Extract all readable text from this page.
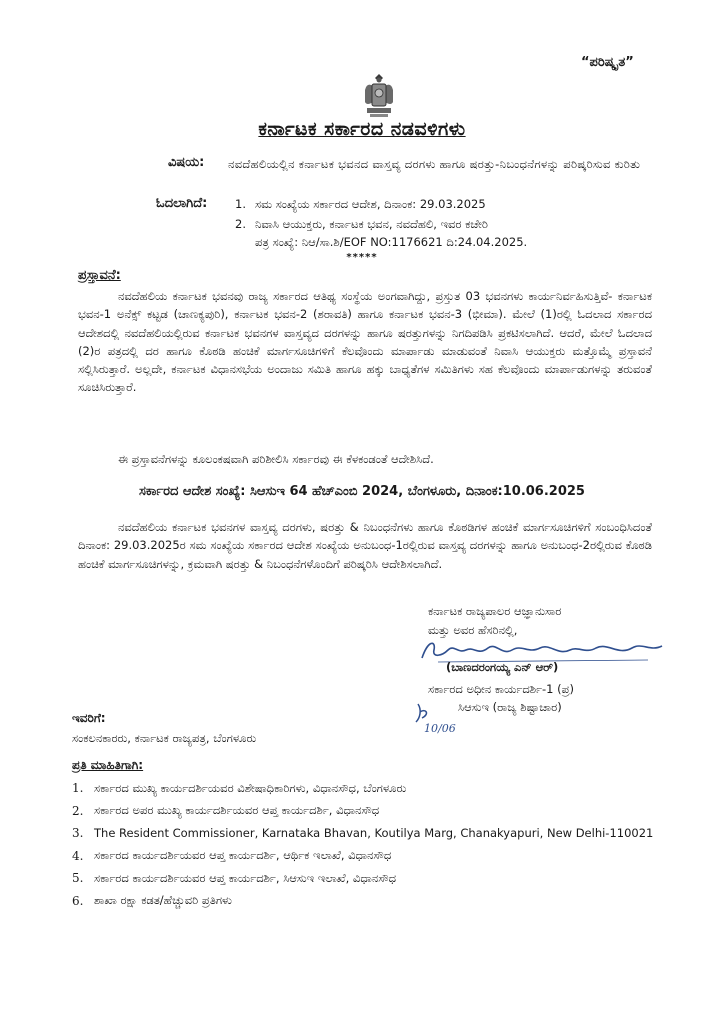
“ಪರಿಷ್ಕೃತ”
ಕರ್ನಾಟಕ ಸರ್ಕಾರದ ನಡವಳಿಗಳು
ವಿಷಯ: ನವದೆಹಲಿಯಲ್ಲಿನ ಕರ್ನಾಟಕ ಭವನದ ವಾಸ್ತವ್ಯ ದರಗಳು ಹಾಗೂ ಷರತ್ತು-ನಿಬಂಧನೆಗಳನ್ನು ಪರಿಷ್ಕರಿಸುವ ಕುರಿತು
ಓದಲಾಗಿದೆ: 1. ಸಮ ಸಂಖ್ಯೆಯ ಸರ್ಕಾರದ ಆದೇಶ, ದಿನಾಂಕ: 29.03.2025
2. ನಿವಾಸಿ ಆಯುಕ್ತರು, ಕರ್ನಾಟಕ ಭವನ, ನವದೆಹಲಿ, ಇವರ ಕಚೇರಿ
ಪತ್ರ ಸಂಖ್ಯೆ: ನಿಆ/ಸಾ.ಶಿ/EOF NO:1176621 ದಿ:24.04.2025.
*****
ಪ್ರಸ್ತಾವನೆ:

ನವದೆಹಲಿಯ ಕರ್ನಾಟಕ ಭವನವು ರಾಜ್ಯ ಸರ್ಕಾರದ ಆತಿಥ್ಯ ಸಂಸ್ಥೆಯ ಅಂಗವಾಗಿದ್ದು, ಪ್ರಸ್ತುತ 03 ಭವನಗಳು ಕಾರ್ಯನಿರ್ವಹಿಸುತ್ತಿವೆ- ಕರ್ನಾಟಕ ಭವನ-1 ಅನೆಕ್ಸ್ ಕಟ್ಟಡ (ಚಾಣಕ್ಯಪುರಿ), ಕರ್ನಾಟಕ ಭವನ-2 (ಶರಾವತಿ) ಹಾಗೂ ಕರ್ನಾಟಕ ಭವನ-3 (ಭೀಮಾ). ಮೇಲೆ (1)ರಲ್ಲಿ ಓದಲಾದ ಸರ್ಕಾರದ ಆದೇಶದಲ್ಲಿ ನವದೆಹಲಿಯಲ್ಲಿರುವ ಕರ್ನಾಟಕ ಭವನಗಳ ವಾಸ್ತವ್ಯದ ದರಗಳನ್ನು ಹಾಗೂ ಷರತ್ತುಗಳನ್ನು ನಿಗದಿಪಡಿಸಿ ಪ್ರಕಟಿಸಲಾಗಿದೆ. ಆದರೆ, ಮೇಲೆ ಓದಲಾದ (2)ರ ಪತ್ರದಲ್ಲಿ ದರ ಹಾಗೂ ಕೊಠಡಿ ಹಂಚಿಕೆ ಮಾರ್ಗಸೂಚಿಗಳಿಗೆ ಕೆಲವೊಂದು ಮಾರ್ಪಾಡು ಮಾಡುವಂತೆ ನಿವಾಸಿ ಆಯುಕ್ತರು ಮತ್ತೊಮ್ಮೆ ಪ್ರಸ್ತಾವನೆ ಸಲ್ಲಿಸಿರುತ್ತಾರೆ. ಅಲ್ಲದೇ, ಕರ್ನಾಟಕ ವಿಧಾನಸಭೆಯ ಅಂದಾಜು ಸಮಿತಿ ಹಾಗೂ ಹಕ್ಕು ಬಾಧ್ಯತೆಗಳ ಸಮಿತಿಗಳು ಸಹ ಕೆಲವೊಂದು ಮಾರ್ಪಾಡುಗಳನ್ನು ತರುವಂತೆ ಸೂಚಿಸಿರುತ್ತಾರೆ.

ಈ ಪ್ರಸ್ತಾವನೆಗಳನ್ನು ಕೂಲಂಕಷವಾಗಿ ಪರಿಶೀಲಿಸಿ ಸರ್ಕಾರವು ಈ ಕೆಳಕಂಡಂತೆ ಆದೇಶಿಸಿದೆ.
ಸರ್ಕಾರದ ಆದೇಶ ಸಂಖ್ಯೆ: ಸಿಆಸುಇ 64 ಹೆಚ್‌ಎಂಬಿ 2024, ಬೆಂಗಳೂರು, ದಿನಾಂಕ:10.06.2025

ನವದೆಹಲಿಯ ಕರ್ನಾಟಕ ಭವನಗಳ ವಾಸ್ತವ್ಯ ದರಗಳು, ಷರತ್ತು & ನಿಬಂಧನೆಗಳು ಹಾಗೂ ಕೊಠಡಿಗಳ ಹಂಚಿಕೆ ಮಾರ್ಗಸೂಚಿಗಳಿಗೆ ಸಂಬಂಧಿಸಿದಂತೆ ದಿನಾಂಕ: 29.03.2025ರ ಸಮ ಸಂಖ್ಯೆಯ ಸರ್ಕಾರದ ಆದೇಶ ಸಂಖ್ಯೆಯ ಅನುಬಂಧ-1ರಲ್ಲಿರುವ ವಾಸ್ತವ್ಯ ದರಗಳನ್ನು ಹಾಗೂ ಅನುಬಂಧ-2ರಲ್ಲಿರುವ ಕೊಠಡಿ ಹಂಚಿಕೆ ಮಾರ್ಗಸೂಚಿಗಳನ್ನು, ಕ್ರಮವಾಗಿ ಷರತ್ತು & ನಿಬಂಧನೆಗಳೊಂದಿಗೆ ಪರಿಷ್ಕರಿಸಿ ಆದೇಶಿಸಲಾಗಿದೆ.

ಕರ್ನಾಟಕ ರಾಜ್ಯಪಾಲರ ಆಜ್ಞಾನುಸಾರ
ಮತ್ತು ಅವರ ಹೆಸರಿನಲ್ಲಿ,
(ಬಾಣದರಂಗಯ್ಯ ಎನ್ ಆರ್)
ಸರ್ಕಾರದ ಅಧೀನ ಕಾರ್ಯದರ್ಶಿ-1 (ಪ್ರ)
ಸಿಆಸುಇ (ರಾಜ್ಯ ಶಿಷ್ಟಾಚಾರ)
10/06
ಇವರಿಗೆ:
ಸಂಕಲನಕಾರರು, ಕರ್ನಾಟಕ ರಾಜ್ಯಪತ್ರ, ಬೆಂಗಳೂರು
ಪ್ರತಿ ಮಾಹಿತಿಗಾಗಿ:
1. ಸರ್ಕಾರದ ಮುಖ್ಯ ಕಾರ್ಯದರ್ಶಿಯವರ ವಿಶೇಷಾಧಿಕಾರಿಗಳು, ವಿಧಾನಸೌಧ, ಬೆಂಗಳೂರು
2. ಸರ್ಕಾರದ ಅಪರ ಮುಖ್ಯ ಕಾರ್ಯದರ್ಶಿಯವರ ಆಪ್ತ ಕಾರ್ಯದರ್ಶಿ, ವಿಧಾನಸೌಧ
3. The Resident Commissioner, Karnataka Bhavan, Koutilya Marg, Chanakyapuri, New Delhi-110021
4. ಸರ್ಕಾರದ ಕಾರ್ಯದರ್ಶಿಯವರ ಆಪ್ತ ಕಾರ್ಯದರ್ಶಿ, ಆರ್ಥಿಕ ಇಲಾಖೆ, ವಿಧಾನಸೌಧ
5. ಸರ್ಕಾರದ ಕಾರ್ಯದರ್ಶಿಯವರ ಆಪ್ತ ಕಾರ್ಯದರ್ಶಿ, ಸಿಆಸುಇ ಇಲಾಖೆ, ವಿಧಾನಸೌಧ
6. ಶಾಖಾ ರಕ್ಷಾ ಕಡತ/ಹೆಚ್ಚುವರಿ ಪ್ರತಿಗಳು
